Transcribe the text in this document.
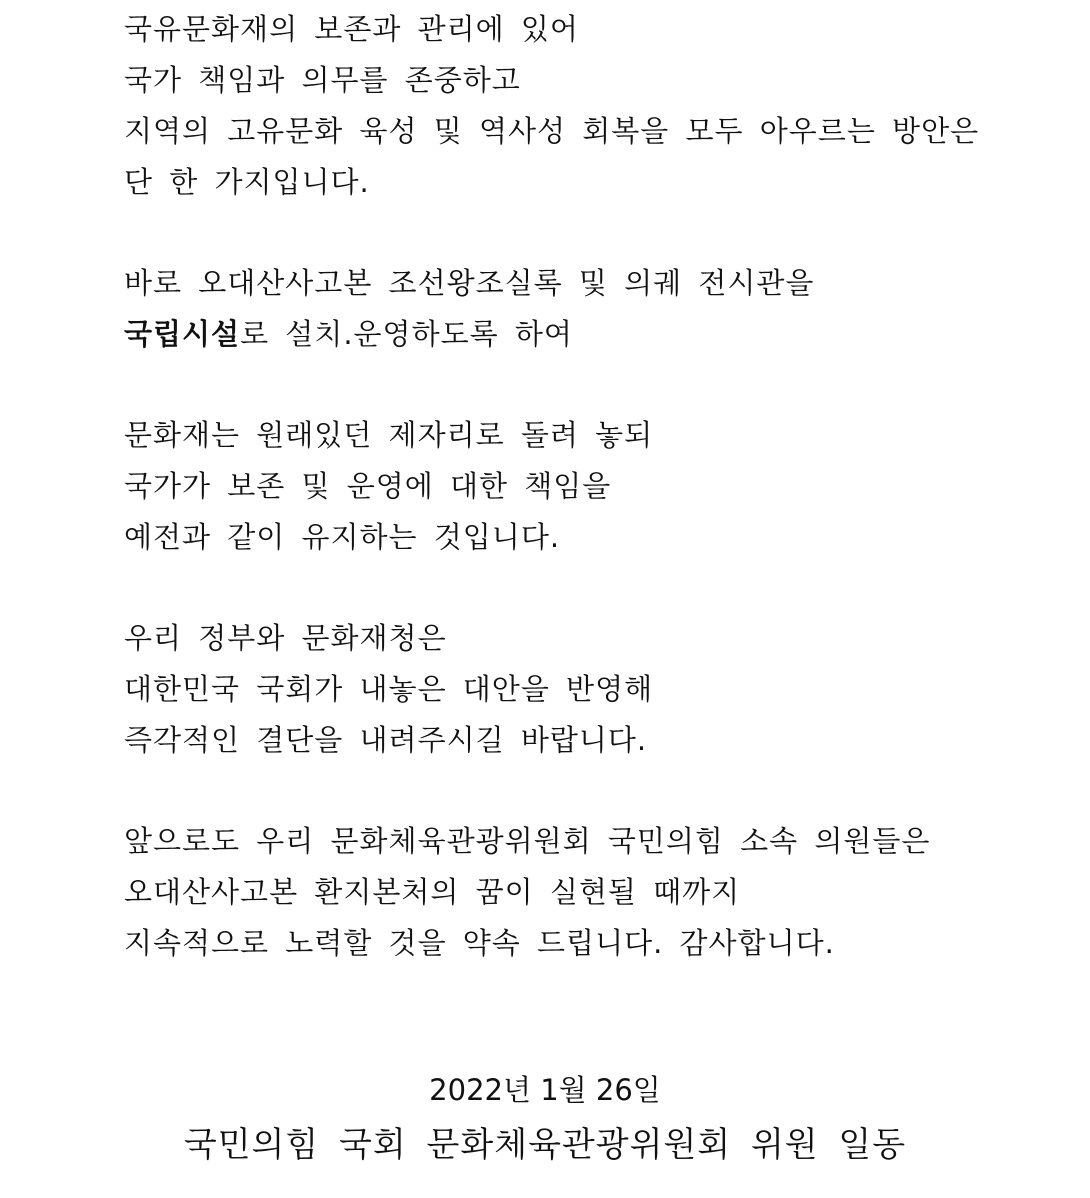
국유문화재의 보존과 관리에 있어
국가 책임과 의무를 존중하고
지역의 고유문화 육성 및 역사성 회복을 모두 아우르는 방안은
단 한 가지입니다.
바로 오대산사고본 조선왕조실록 및 의궤 전시관을
국립시설로 설치.운영하도록 하여
문화재는 원래있던 제자리로 돌려 놓되
국가가 보존 및 운영에 대한 책임을
예전과 같이 유지하는 것입니다.
우리 정부와 문화재청은
대한민국 국회가 내놓은 대안을 반영해
즉각적인 결단을 내려주시길 바랍니다.
앞으로도 우리 문화체육관광위원회 국민의힘 소속 의원들은
오대산사고본 환지본처의 꿈이 실현될 때까지
지속적으로 노력할 것을 약속 드립니다. 감사합니다.
2022년 1월 26일
국민의힘 국회 문화체육관광위원회 위원 일동
